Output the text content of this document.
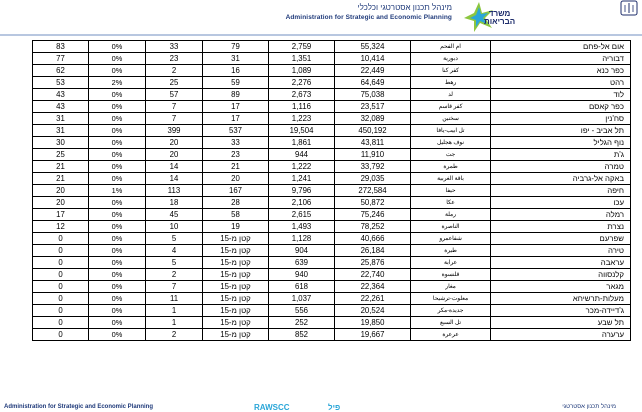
מינהל תכנון אסטרטגי וכלכלי
Administration for Strategic and Economic Planning	משרד
הבריאות
83	0%	33	79	2,759	55,324	ام الفحم	אום אל-פחם
77	0%	23	31	1,351	10,414	دبورية	דבוריה
62	0%	2	16	1,089	22,449	كفر كنا	כפר כנא
53	2%	25	59	2,276	64,649	رهط	רהט
43	0%	57	89	2,673	75,038	لد	לוד
43	0%	7	17	1,116	23,517	كفر قاسم	כפר קאסם
31	0%	7	17	1,223	32,089	سخنين	סח'נין
31	0%	399	537	19,504	450,192	تل ابيب-يافا	תל אביב - יפו
30	0%	20	33	1,861	43,811	نوف هجليل	נוף הגליל
25	0%	20	23	944	11,910	جت	ג'ת
21	0%	14	21	1,222	33,792	طمرة	טמרה
21	0%	14	20	1,241	29,035	باقة الغربية	באקה אל-גרביה
20	1%	113	167	9,796	272,584	حيفا	חיפה
20	0%	18	28	2,106	50,872	عكا	עכו
17	0%	45	58	2,615	75,246	رملة	רמלה
12	0%	10	19	1,493	78,252	الناصرة	נצרת
0	0%	5	קטן מ-15	1,128	40,666	شفاعمرو	שפרעם
0	0%	4	קטן מ-15	904	26,184	طيرة	טירה
0	0%	5	קטן מ-15	639	25,876	عرابة	עראבה
0	0%	2	קטן מ-15	940	22,740	قلنسوة	קלנסווה
0	0%	7	קטן מ-15	618	22,364	مغار	מגאר
0	0%	11	קטן מ-15	1,037	22,261	معلوت-ترشيحا	מעלות-תרשיחא
0	0%	1	קטן מ-15	556	20,524	جديدة-مكر	ג'דיידה-מכר
0	0%	1	קטן מ-15	252	19,850	تل السبع	תל שבע
0	0%	2	קטן מ-15	852	19,667	عرعرة	ערערה
Administration for Strategic and Economic Planning	RAWSCC	פיל	מינהל תכנון אסטרטגי
